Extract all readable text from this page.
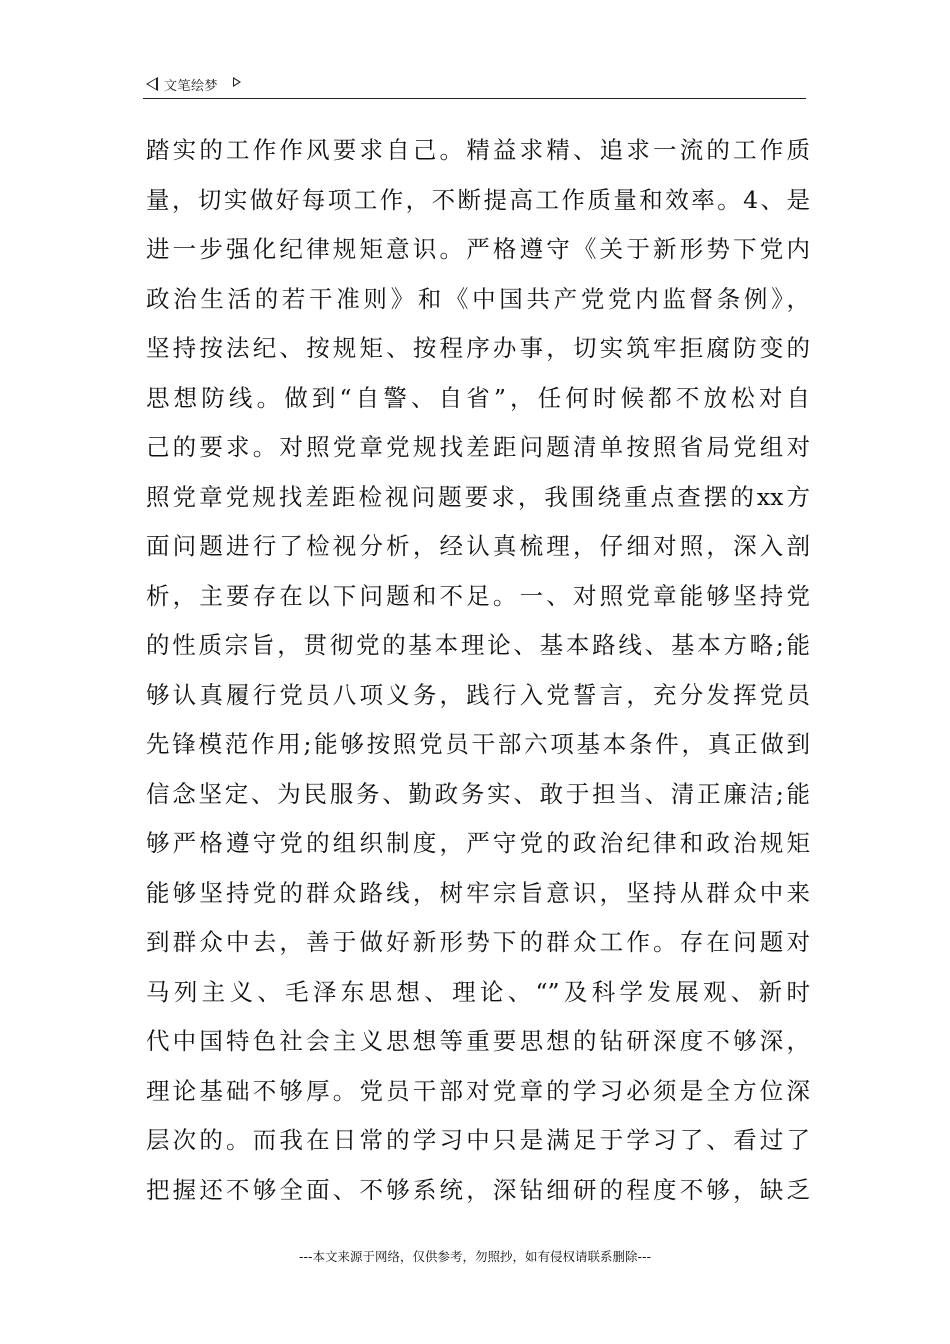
文笔绘梦
踏实的工作作风要求自己。精益求精、追求一流的工作质
量，切实做好每项工作，不断提高工作质量和效率。4、是
进一步强化纪律规矩意识。严格遵守《关于新形势下党内
政治生活的若干准则》和《中国共产党党内监督条例》，
坚持按法纪、按规矩、按程序办事，切实筑牢拒腐防变的
思想防线。做到“自警、自省”，任何时候都不放松对自
己的要求。对照党章党规找差距问题清单按照省局党组对
照党章党规找差距检视问题要求，我围绕重点查摆的xx方
面问题进行了检视分析，经认真梳理，仔细对照，深入剖
析，主要存在以下问题和不足。一、对照党章能够坚持党
的性质宗旨，贯彻党的基本理论、基本路线、基本方略;能
够认真履行党员八项义务，践行入党誓言，充分发挥党员
先锋模范作用;能够按照党员干部六项基本条件，真正做到
信念坚定、为民服务、勤政务实、敢于担当、清正廉洁;能
够严格遵守党的组织制度，严守党的政治纪律和政治规矩
能够坚持党的群众路线，树牢宗旨意识，坚持从群众中来
到群众中去，善于做好新形势下的群众工作。存在问题对
马列主义、毛泽东思想、理论、“”及科学发展观、新时
代中国特色社会主义思想等重要思想的钻研深度不够深，
理论基础不够厚。党员干部对党章的学习必须是全方位深
层次的。而我在日常的学习中只是满足于学习了、看过了
把握还不够全面、不够系统，深钻细研的程度不够，缺乏
---本文来源于网络，仅供参考，勿照抄，如有侵权请联系删除---
